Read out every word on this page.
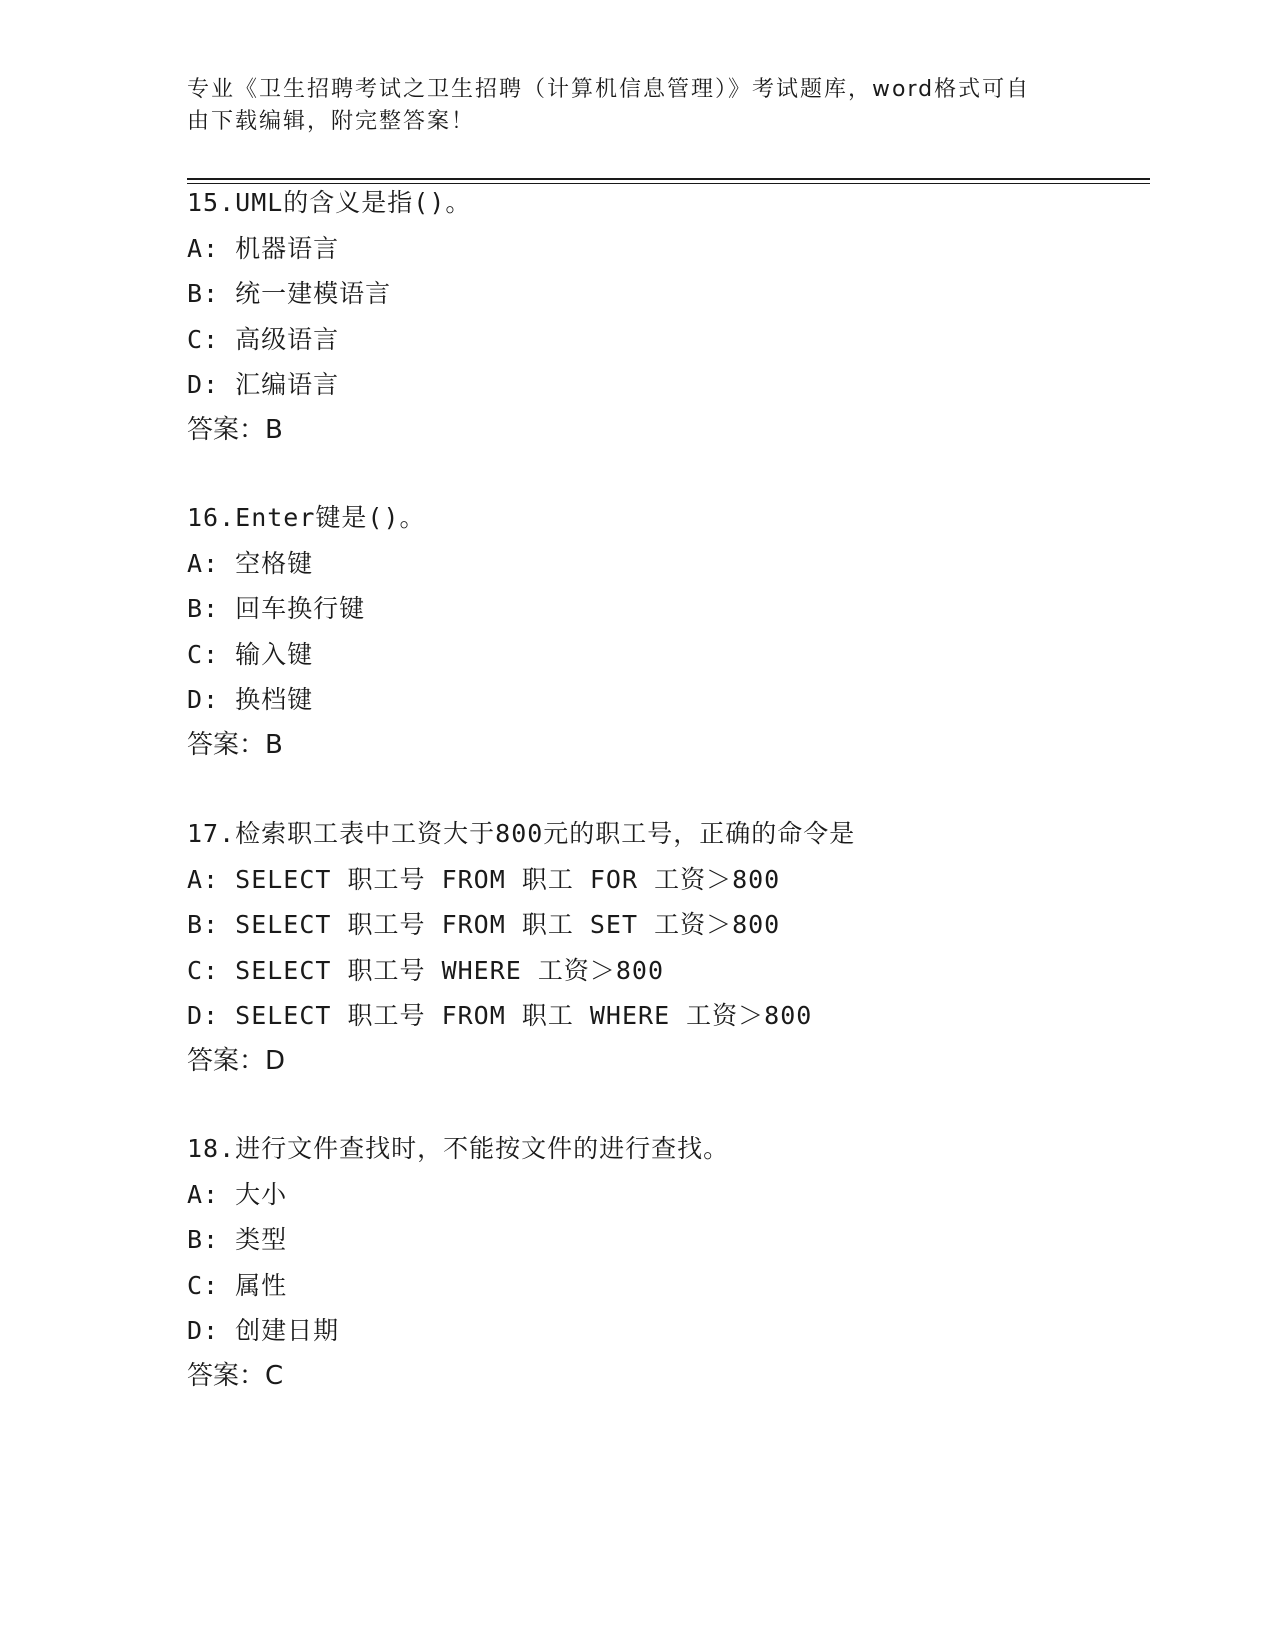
专业《卫生招聘考试之卫生招聘（计算机信息管理）》考试题库，word格式可自
由下载编辑，附完整答案！
15.UML的含义是指()。
A: 机器语言
B: 统一建模语言
C: 高级语言
D: 汇编语言
答案：B
16.Enter键是()。
A: 空格键
B: 回车换行键
C: 输入键
D: 换档键
答案：B
17.检索职工表中工资大于800元的职工号，正确的命令是
A: SELECT 职工号 FROM 职工 FOR 工资＞800
B: SELECT 职工号 FROM 职工 SET 工资＞800
C: SELECT 职工号 WHERE 工资＞800
D: SELECT 职工号 FROM 职工 WHERE 工资＞800
答案：D
18.进行文件查找时，不能按文件的进行查找。
A: 大小
B: 类型
C: 属性
D: 创建日期
答案：C
